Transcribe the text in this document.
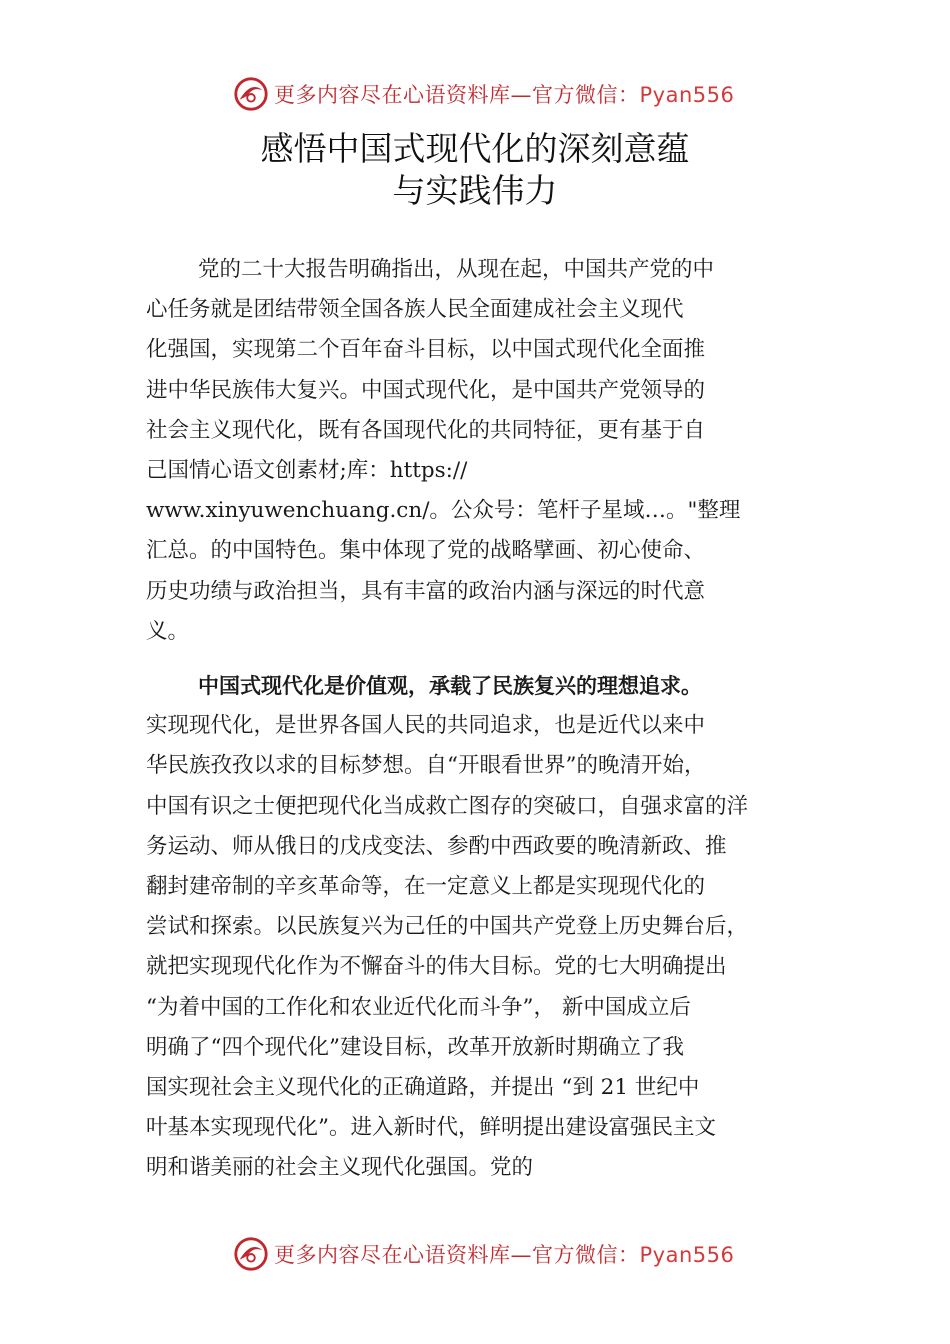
更多内容尽在心语资料库—官方微信：Pyan556
感悟中国式现代化的深刻意蕴
与实践伟力
党的二十大报告明确指出，从现在起，中国共产党的中
心任务就是团结带领全国各族人民全面建成社会主义现代
化强国，实现第二个百年奋斗目标，以中国式现代化全面推
进中华民族伟大复兴。中国式现代化，是中国共产党领导的
社会主义现代化，既有各国现代化的共同特征，更有基于自
己国情心语文创素材;库：https://
www.xinyuwenchuang.cn/。公众号：笔杆子星域…。"整理
汇总。的中国特色。集中体现了党的战略擘画、初心使命、
历史功绩与政治担当，具有丰富的政治内涵与深远的时代意
义。
中国式现代化是价值观，承载了民族复兴的理想追求。
实现现代化，是世界各国人民的共同追求，也是近代以来中
华民族孜孜以求的目标梦想。自“开眼看世界”的晚清开始，
中国有识之士便把现代化当成救亡图存的突破口，自强求富的洋
务运动、师从俄日的戊戌变法、参酌中西政要的晚清新政、推
翻封建帝制的辛亥革命等，在一定意义上都是实现现代化的
尝试和探索。以民族复兴为己任的中国共产党登上历史舞台后，
就把实现现代化作为不懈奋斗的伟大目标。党的七大明确提出
“为着中国的工作化和农业近代化而斗争”， 新中国成立后
明确了“四个现代化”建设目标，改革开放新时期确立了我
国实现社会主义现代化的正确道路，并提出 “到 21 世纪中
叶基本实现现代化”。进入新时代，鲜明提出建设富强民主文
明和谐美丽的社会主义现代化强国。党的
更多内容尽在心语资料库—官方微信：Pyan556
